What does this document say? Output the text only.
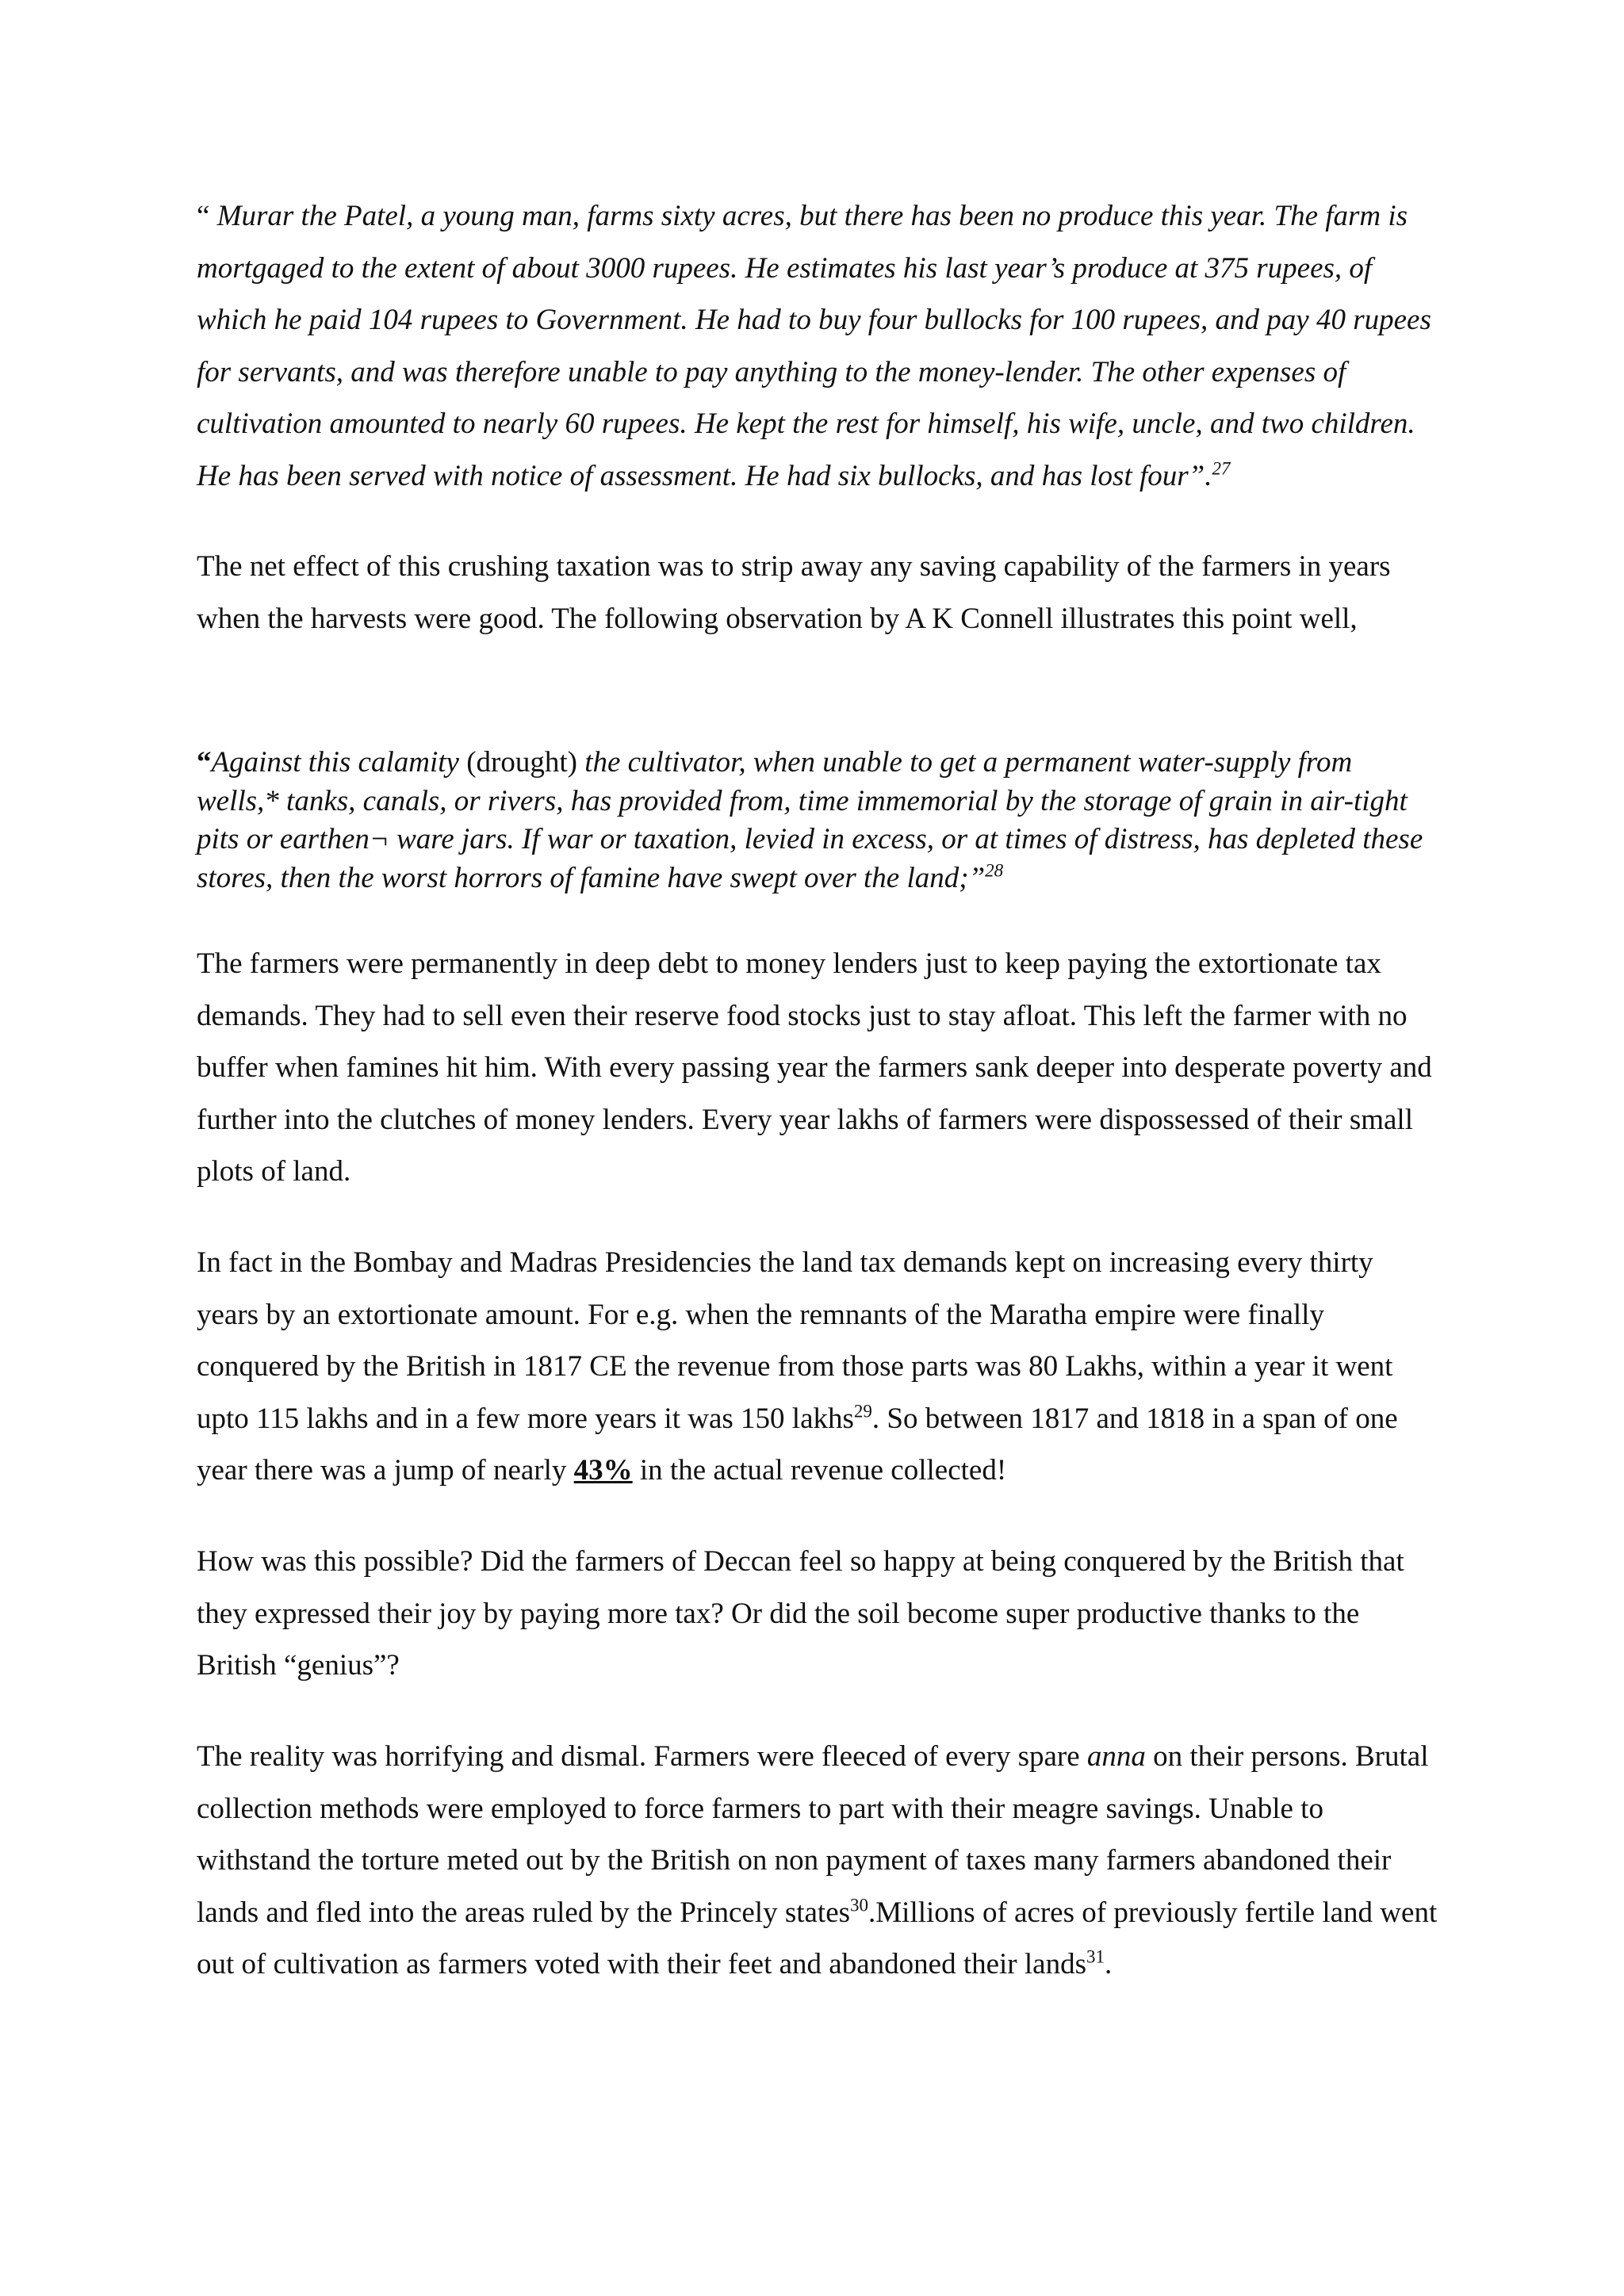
“ Murar the Patel, a young man, farms sixty acres, but there has been no produce this year. The farm is mortgaged to the extent of about 3000 rupees. He estimates his last year’s produce at 375 rupees, of which he paid 104 rupees to Government. He had to buy four bullocks for 100 rupees, and pay 40 rupees for servants, and was therefore unable to pay anything to the money-lender. The other expenses of cultivation amounted to nearly 60 rupees. He kept the rest for himself, his wife, uncle, and two children. He has been served with notice of assessment. He had six bullocks, and has lost four”.$^{27}$

The net effect of this crushing taxation was to strip away any saving capability of the farmers in years when the harvests were good. The following observation by A K Connell illustrates this point well,

“Against this calamity (drought) the cultivator, when unable to get a permanent water-supply from wells,* tanks, canals, or rivers, has provided from, time immemorial by the storage of grain in air-tight pits or earthen¬ ware jars. If war or taxation, levied in excess, or at times of distress, has depleted these stores, then the worst horrors of famine have swept over the land;”$^{28}$

The farmers were permanently in deep debt to money lenders just to keep paying the extortionate tax demands. They had to sell even their reserve food stocks just to stay afloat. This left the farmer with no buffer when famines hit him. With every passing year the farmers sank deeper into desperate poverty and further into the clutches of money lenders. Every year lakhs of farmers were dispossessed of their small plots of land.

In fact in the Bombay and Madras Presidencies the land tax demands kept on increasing every thirty years by an extortionate amount. For e.g. when the remnants of the Maratha empire were finally conquered by the British in 1817 CE the revenue from those parts was 80 Lakhs, within a year it went upto 115 lakhs and in a few more years it was 150 lakhs$^{29}$. So between 1817 and 1818 in a span of one year there was a jump of nearly 43% in the actual revenue collected!

How was this possible? Did the farmers of Deccan feel so happy at being conquered by the British that they expressed their joy by paying more tax? Or did the soil become super productive thanks to the British “genius”?

The reality was horrifying and dismal. Farmers were fleeced of every spare anna on their persons. Brutal collection methods were employed to force farmers to part with their meagre savings. Unable to withstand the torture meted out by the British on non payment of taxes many farmers abandoned their lands and fled into the areas ruled by the Princely states$^{30}$.Millions of acres of previously fertile land went out of cultivation as farmers voted with their feet and abandoned their lands$^{31}$.
